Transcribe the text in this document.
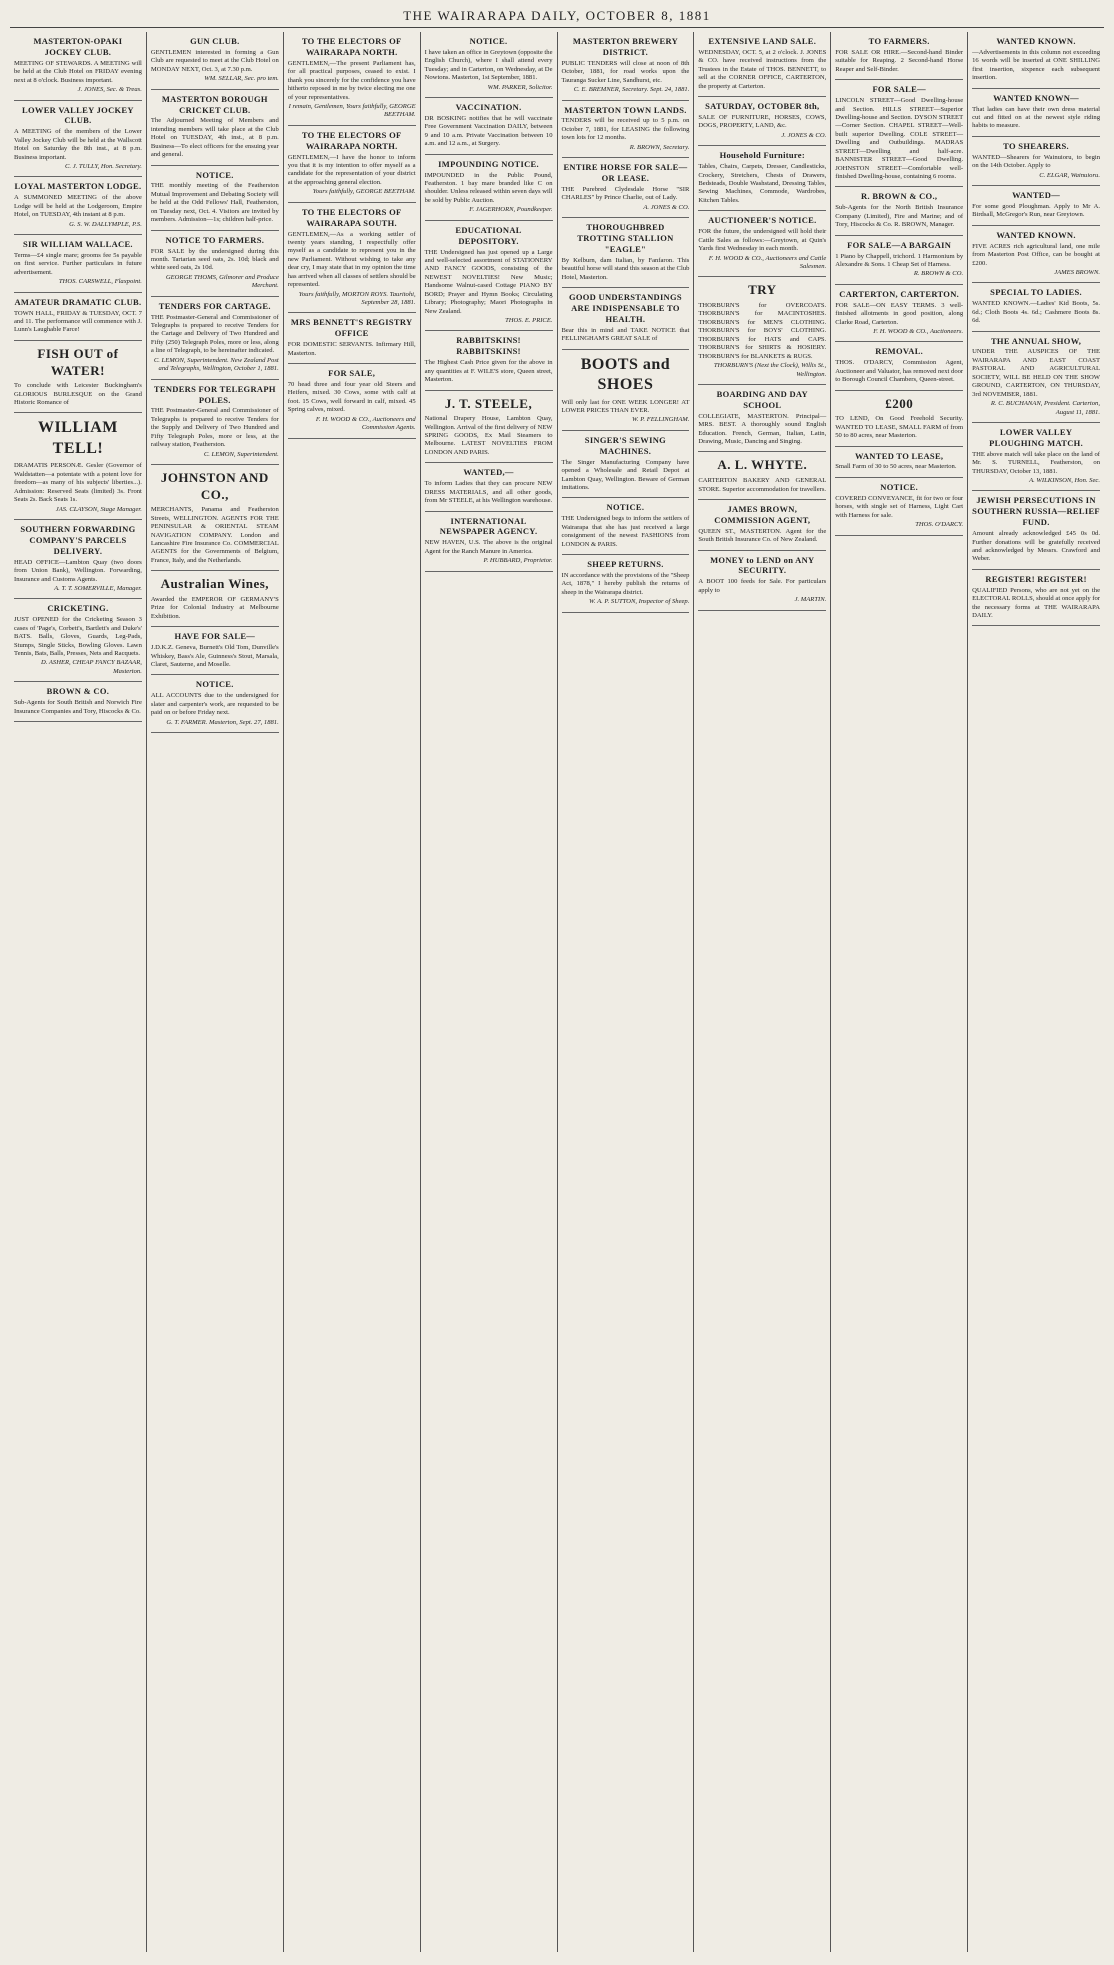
THE WAIRARAPA DAILY, OCTOBER 8, 1881
MASTERTON-OPAKI JOCKEY CLUB.

MEETING OF STEWARDS. A MEETING will be held at the Club Hotel on FRIDAY evening next at 8 o'clock. Business important.

J. JONES, Sec. & Treas.

LOWER VALLEY JOCKEY CLUB.

A MEETING of the members of the Lower Valley Jockey Club will be held at the Wallscott Hotel on Saturday the 8th inst., at 8 p.m. Business important.

C. J. TULLY, Hon. Secretary.

LOYAL MASTERTON LODGE.

A SUMMONED MEETING of the above Lodge will be held at the Lodgeroom, Empire Hotel, on TUESDAY, 4th instant at 8 p.m.

G. S. W. DALLYMPLE, P.S.

SIR WILLIAM WALLACE.

Terms—£4 single mare; grooms fee 5s payable on first service. Further particulars in future advertisement.

THOS. CARSWELL, Flaxpoint.

AMATEUR DRAMATIC CLUB.

TOWN HALL, FRIDAY & TUESDAY, OCT. 7 and 11. The performance will commence with J. Lunn's Laughable Farce!

FISH OUT of WATER!

To conclude with Leicester Buckingham's GLORIOUS BURLESQUE on the Grand Historic Romance of

WILLIAM TELL!

DRAMATIS PERSONÆ. Gesler (Governor of Waldstatten—a potentate with a potent love for freedom—as many of his subjects' liberties...). Admission: Reserved Seats (limited) 3s. Front Seats 2s. Back Seats 1s.

JAS. CLAYSON, Stage Manager.

SOUTHERN FORWARDING COMPANY'S PARCELS DELIVERY.

HEAD OFFICE—Lambton Quay (two doors from Union Bank), Wellington. Forwarding, Insurance and Customs Agents.

A. T. T. SOMERVILLE, Manager.

CRICKETING.

JUST OPENED for the Cricketing Season 3 cases of 'Page's, Corbett's, Bartlett's and Duke's' BATS. Balls, Gloves, Guards, Leg-Pads, Stumps, Single Sticks, Bowling Gloves. Lawn Tennis, Bats, Balls, Presses, Nets and Racquets.

D. ASHER, CHEAP FANCY BAZAAR, Masterton.

BROWN & CO.

Sub-Agents for South British and Norwich Fire Insurance Companies and Tory, Hiscocks & Co.

GUN CLUB.

GENTLEMEN interested in forming a Gun Club are requested to meet at the Club Hotel on MONDAY NEXT, Oct. 3, at 7.30 p.m.

WM. SELLAR, Sec. pro tem.

MASTERTON BOROUGH CRICKET CLUB.

The Adjourned Meeting of Members and intending members will take place at the Club Hotel on TUESDAY, 4th inst., at 8 p.m. Business—To elect officers for the ensuing year and general.

NOTICE.

THE monthly meeting of the Featherston Mutual Improvement and Debating Society will be held at the Odd Fellows' Hall, Featherston, on Tuesday next, Oct. 4. Visitors are invited by members. Admission—1s; children half-price.

NOTICE TO FARMERS.

FOR SALE by the undersigned during this month. Tartarian seed oats, 2s. 10d; black and white seed oats, 2s 10d.

GEORGE THOMS, Gilmorer and Produce Merchant.

TENDERS FOR CARTAGE.

THE Postmaster-General and Commissioner of Telegraphs is prepared to receive Tenders for the Cartage and Delivery of Two Hundred and Fifty (250) Telegraph Poles, more or less, along a line of Telegraph, to be hereinafter indicated.

C. LEMON, Superintendent. New Zealand Post and Telegraphs, Wellington, October 1, 1881.

TENDERS FOR TELEGRAPH POLES.

THE Postmaster-General and Commissioner of Telegraphs is prepared to receive Tenders for the Supply and Delivery of Two Hundred and Fifty Telegraph Poles, more or less, at the railway station, Featherston.

C. LEMON, Superintendent.

JOHNSTON AND CO.,

MERCHANTS, Panama and Featherston Streets, WELLINGTON. AGENTS FOR THE PENINSULAR & ORIENTAL STEAM NAVIGATION COMPANY. London and Lancashire Fire Insurance Co. COMMERCIAL AGENTS for the Governments of Belgium, France, Italy, and the Netherlands.

Australian Wines,

Awarded the EMPEROR OF GERMANY'S Prize for Colonial Industry at Melbourne Exhibition.

HAVE FOR SALE—

J.D.K.Z. Geneva, Burnett's Old Tom, Dunville's Whiskey, Bass's Ale, Guinness's Stout, Marsala, Claret, Sauterne, and Moselle.

NOTICE.

ALL ACCOUNTS due to the undersigned for slater and carpenter's work, are requested to be paid on or before Friday next.

G. T. FARMER. Masterton, Sept. 27, 1881.

TO THE ELECTORS OF WAIRARAPA NORTH.

GENTLEMEN,—The present Parliament has, for all practical purposes, ceased to exist. I thank you sincerely for the confidence you have hitherto reposed in me by twice electing me one of your representatives.

I remain, Gentlemen, Yours faithfully, GEORGE BEETHAM.

TO THE ELECTORS OF WAIRARAPA NORTH.

GENTLEMEN,—I have the honor to inform you that it is my intention to offer myself as a candidate for the representation of your district at the approaching general election.

Yours faithfully, GEORGE BEETHAM.

TO THE ELECTORS OF WAIRARAPA SOUTH.

GENTLEMEN,—As a working settler of twenty years standing, I respectfully offer myself as a candidate to represent you in the new Parliament. Without wishing to take any dear cry, I may state that in my opinion the time has arrived when all classes of settlers should be represented.

Yours faithfully, MORTON ROYS. Tauritohi, September 28, 1881.

MRS BENNETT'S REGISTRY OFFICE

FOR DOMESTIC SERVANTS. Infirmary Hill, Masterton.

FOR SALE,

70 head three and four year old Steers and Heifers, mixed. 30 Cows, some with calf at foot. 15 Cows, well forward in calf, mixed. 45 Spring calves, mixed.

F. H. WOOD & CO., Auctioneers and Commission Agents.

NOTICE.

I have taken an office in Greytown (opposite the English Church), where I shall attend every Tuesday; and in Carterton, on Wednesday, at De Nowtons. Masterton, 1st September, 1881.

WM. PARKER, Solicitor.

VACCINATION.

DR BOSKING notifies that he will vaccinate Free Government Vaccination DAILY, between 9 and 10 a.m. Private Vaccination between 10 a.m. and 12 a.m., at Surgery.

IMPOUNDING NOTICE.

IMPOUNDED in the Public Pound, Featherston. 1 bay mare branded like C on shoulder. Unless released within seven days will be sold by Public Auction.

F. JAGERHORN, Poundkeeper.

EDUCATIONAL DEPOSITORY.

THE Undersigned has just opened up a Large and well-selected assortment of STATIONERY AND FANCY GOODS, consisting of the NEWEST NOVELTIES! New Music; Handsome Walnut-cased Cottage PIANO BY BORD; Prayer and Hymn Books; Circulating Library; Photography; Maori Photographs in New Zealand.

THOS. E. PRICE.

RABBITSKINS! RABBITSKINS!

The Highest Cash Price given for the above in any quantities at F. WILE'S store, Queen street, Masterton.

J. T. STEELE,

National Drapery House, Lambton Quay, Wellington. Arrival of the first delivery of NEW SPRING GOODS, Ex Mail Steamers to Melbourne. LATEST NOVELTIES FROM LONDON AND PARIS.

WANTED,—

To inform Ladies that they can procure NEW DRESS MATERIALS, and all other goods, from Mr STEELE, at his Wellington warehouse.

INTERNATIONAL NEWSPAPER AGENCY.

NEW HAVEN, U.S. The above is the original Agent for the Ranch Manure in America.

P. HUBBARD, Proprietor.

MASTERTON BREWERY DISTRICT.

PUBLIC TENDERS will close at noon of 8th October, 1881, for road works upon the Tauranga Sucker Line, Sandhurst, etc.

C. E. BREMNER, Secretary. Sept. 24, 1881.

MASTERTON TOWN LANDS.

TENDERS will be received up to 5 p.m. on October 7, 1881, for LEASING the following town lots for 12 months.

R. BROWN, Secretary.

ENTIRE HORSE FOR SALE—OR LEASE.

THE Purebred Clydesdale Horse "SIR CHARLES" by Prince Charlie, out of Lady.

A. JONES & CO.

THOROUGHBRED TROTTING STALLION "EAGLE"

By Kelburn, dam Italian, by Fanfaron. This beautiful horse will stand this season at the Club Hotel, Masterton.

GOOD UNDERSTANDINGS ARE INDISPENSABLE TO HEALTH.

Bear this in mind and TAKE NOTICE that FELLINGHAM'S GREAT SALE of

BOOTS and SHOES

Will only last for ONE WEEK LONGER! AT LOWER PRICES THAN EVER.

W. P. FELLINGHAM.

SINGER'S SEWING MACHINES.

The Singer Manufacturing Company have opened a Wholesale and Retail Depot at Lambton Quay, Wellington. Beware of German imitations.

NOTICE.

THE Undersigned begs to inform the settlers of Wairarapa that she has just received a large consignment of the newest FASHIONS from LONDON & PARIS.

SHEEP RETURNS.

IN accordance with the provisions of the "Sheep Act, 1878," I hereby publish the returns of sheep in the Wairarapa district.

W. A. P. SUTTON, Inspector of Sheep.

EXTENSIVE LAND SALE.

WEDNESDAY, OCT. 5, at 2 o'clock. J. JONES & CO. have received instructions from the Trustees in the Estate of THOS. BENNETT, to sell at the CORNER OFFICE, CARTERTON, the property at Carterton.

SATURDAY, OCTOBER 8th,

SALE OF FURNITURE, HORSES, COWS, DOGS, PROPERTY, LAND, &c.

J. JONES & CO.

Household Furniture:

Tables, Chairs, Carpets, Dresser, Candlesticks, Crockery, Stretchers, Chests of Drawers, Bedsteads, Double Washstand, Dressing Tables, Sewing Machines, Commode, Wardrobes, Kitchen Tables.

AUCTIONEER'S NOTICE.

FOR the future, the undersigned will hold their Cattle Sales as follows:—Greytown, at Quin's Yards first Wednesday in each month.

F. H. WOOD & CO., Auctioneers and Cattle Salesmen.

TRY

THORBURN'S for OVERCOATS. THORBURN'S for MACINTOSHES. THORBURN'S for MEN'S CLOTHING. THORBURN'S for BOYS' CLOTHING. THORBURN'S for HATS and CAPS. THORBURN'S for SHIRTS & HOSIERY. THORBURN'S for BLANKETS & RUGS.

THORBURN'S (Next the Clock), Willis St., Wellington.

BOARDING AND DAY SCHOOL

COLLEGIATE, MASTERTON. Principal—MRS. BEST. A thoroughly sound English Education. French, German, Italian, Latin, Drawing, Music, Dancing and Singing.

A. L. WHYTE.

CARTERTON BAKERY AND GENERAL STORE. Superior accommodation for travellers.

JAMES BROWN, COMMISSION AGENT,

QUEEN ST., MASTERTON. Agent for the South British Insurance Co. of New Zealand.

MONEY to LEND on ANY SECURITY.

A BOOT 100 feeds for Sale. For particulars apply to

J. MARTIN.

TO FARMERS.

FOR SALE OR HIRE.—Second-hand Binder suitable for Reaping. 2 Second-hand Horse Reaper and Self-Binder.

FOR SALE—

LINCOLN STREET—Good Dwelling-house and Section. HILLS STREET—Superior Dwelling-house and Section. DYSON STREET—Corner Section. CHAPEL STREET—Well-built superior Dwelling. COLE STREET—Dwelling and Outbuildings. MADRAS STREET—Dwelling and half-acre. BANNISTER STREET—Good Dwelling. JOHNSTON STREET—Comfortable well-finished Dwelling-house, containing 6 rooms.

R. BROWN & CO.,

Sub-Agents for the North British Insurance Company (Limited), Fire and Marine; and of Tory, Hiscocks & Co. R. BROWN, Manager.

FOR SALE—A BARGAIN

1 Piano by Chappell, trichord. 1 Harmonium by Alexandre & Sons. 1 Cheap Set of Harness.

R. BROWN & CO.

CARTERTON, CARTERTON.

FOR SALE—ON EASY TERMS. 3 well-finished allotments in good position, along Clarke Road, Carterton.

F. H. WOOD & CO., Auctioneers.

REMOVAL.

THOS. O'DARCY, Commission Agent, Auctioneer and Valuator, has removed next door to Borough Council Chambers, Queen-street.

£200

TO LEND, On Good Freehold Security. WANTED TO LEASE, SMALL FARM of from 50 to 80 acres, near Masterton.

WANTED TO LEASE,

Small Farm of 30 to 50 acres, near Masterton.

NOTICE.

COVERED CONVEYANCE, fit for two or four horses, with single set of Harness, Light Cart with Harness for sale.

THOS. O'DARCY.

WANTED KNOWN.

—Advertisements in this column not exceeding 16 words will be inserted at ONE SHILLING first insertion, sixpence each subsequent insertion.

WANTED KNOWN—

That ladies can have their own dress material cut and fitted on at the newest style riding habits to measure.

TO SHEARERS.

WANTED—Shearers for Wainuioru, to begin on the 14th October. Apply to

C. ELGAR, Wainuioru.

WANTED—

For some good Ploughman. Apply to Mr A. Birdsall, McGregor's Run, near Greytown.

WANTED KNOWN.

FIVE ACRES rich agricultural land, one mile from Masterton Post Office, can be bought at £200.

JAMES BROWN.

SPECIAL TO LADIES.

WANTED KNOWN.—Ladies' Kid Boots, 5s. 6d.; Cloth Boots 4s. 6d.; Cashmere Boots 8s. 6d.

THE ANNUAL SHOW,

UNDER THE AUSPICES OF THE WAIRARAPA AND EAST COAST PASTORAL AND AGRICULTURAL SOCIETY, WILL BE HELD ON THE SHOW GROUND, CARTERTON, ON THURSDAY, 3rd NOVEMBER, 1881.

R. C. BUCHANAN, President. Carterton, August 11, 1881.

LOWER VALLEY PLOUGHING MATCH.

THE above match will take place on the land of Mr. S. TURNELL, Featherston, on THURSDAY, October 13, 1881.

A. WILKINSON, Hon. Sec.

JEWISH PERSECUTIONS IN SOUTHERN RUSSIA—RELIEF FUND.

Amount already acknowledged £45 0s 0d. Further donations will be gratefully received and acknowledged by Messrs. Crawford and Weber.

REGISTER! REGISTER!

QUALIFIED Persons, who are not yet on the ELECTORAL ROLLS, should at once apply for the necessary forms at THE WAIRARAPA DAILY.
